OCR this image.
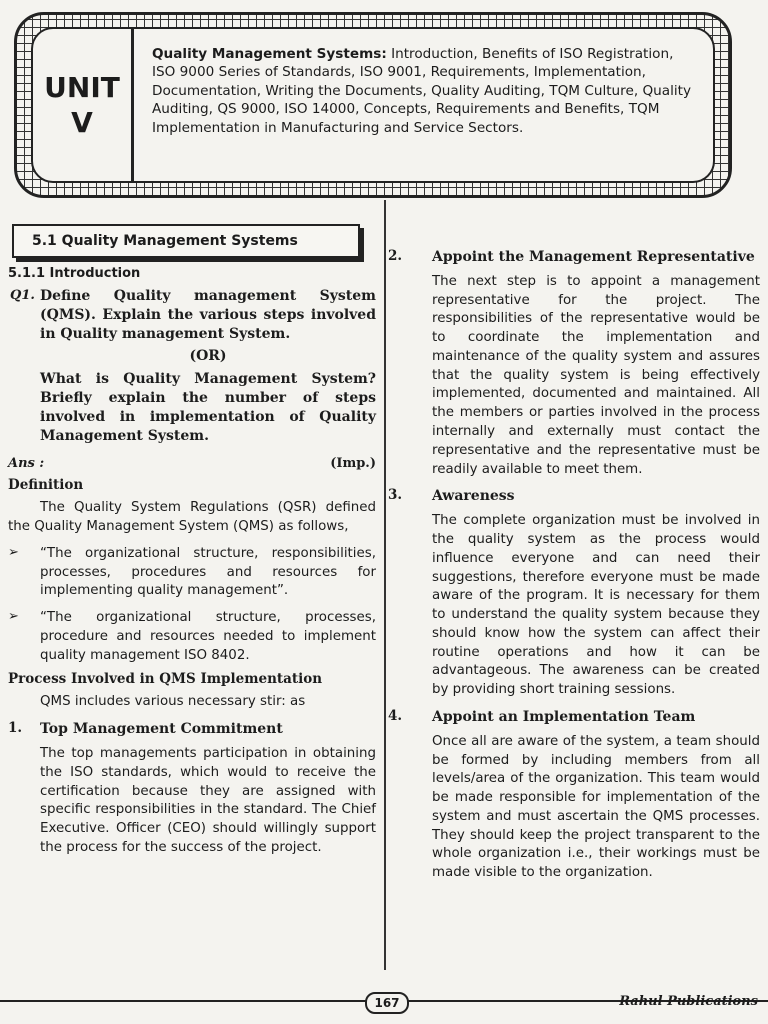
UNIT
V
Quality Management Systems: Introduction, Benefits of ISO Registration, ISO 9000 Series of Standards, ISO 9001, Requirements, Implementation, Documentation, Writing the Documents, Quality Auditing, TQM Culture, Quality Auditing, QS 9000, ISO 14000, Concepts, Requirements and Benefits, TQM Implementation in Manufacturing and Service Sectors.
5.1 Quality Management Systems
5.1.1 Introduction
Q1. Define Quality management System (QMS). Explain the various steps involved in Quality management System.
(OR)
What is Quality Management System? Briefly explain the number of steps involved in implementation of Quality Management System.
Ans :	(Imp.)
Definition
The Quality System Regulations (QSR) defined the Quality Management System (QMS) as follows,
➢	“The organizational structure, responsibilities, processes, procedures and resources for implementing quality management”.
➢	“The organizational structure, processes, procedure and resources needed to implement quality management ISO 8402.
Process Involved in QMS Implementation
QMS includes various necessary stir: as
1.	Top Management Commitment
The top managements participation in obtaining the ISO standards, which would to receive the certification because they are assigned with specific responsibilities in the standard. The Chief Executive. Officer (CEO) should willingly support the process for the success of the project.
2.	Appoint the Management Representative
The next step is to appoint a management representative for the project. The responsibilities of the representative would be to coordinate the implementation and maintenance of the quality system and assures that the quality system is being effectively implemented, documented and maintained. All the members or parties involved in the process internally and externally must contact the representative and the representative must be readily available to meet them.
3.	Awareness
The complete organization must be involved in the quality system as the process would influence everyone and can need their suggestions, therefore everyone must be made aware of the program. It is necessary for them to understand the quality system because they should know how the system can affect their routine operations and how it can be advantageous. The awareness can be created by providing short training sessions.
4.	Appoint an Implementation Team
Once all are aware of the system, a team should be formed by including members from all levels/area of the organization. This team would be made responsible for implementation of the system and must ascertain the QMS processes. They should keep the project transparent to the whole organization i.e., their workings must be made visible to the organization.
167	Rahul Publications
